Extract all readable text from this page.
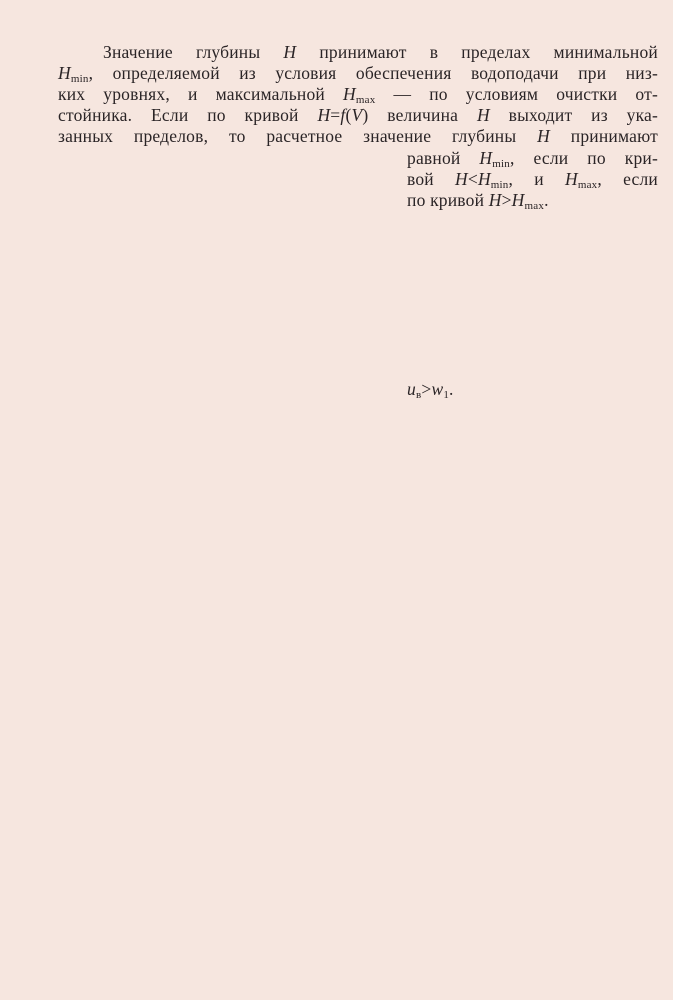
Значение глубины H принимают в пределах минимальной
$H_{min}$, определяемой из условия обеспечения водоподачи при низ-
ких уровнях, и максимальной $H_{max}$ — по условиям очистки от-
стойника. Если по кривой H=f(V) величина H выходит из ука-
занных пределов, то расчетное значение глубины H принимают
равной $H_{min}$, если по кри-
вой $H<H_{min}$, и $H_{max}$, если
по кривой $H>H_{max}$.
$u_в>w_1$.
